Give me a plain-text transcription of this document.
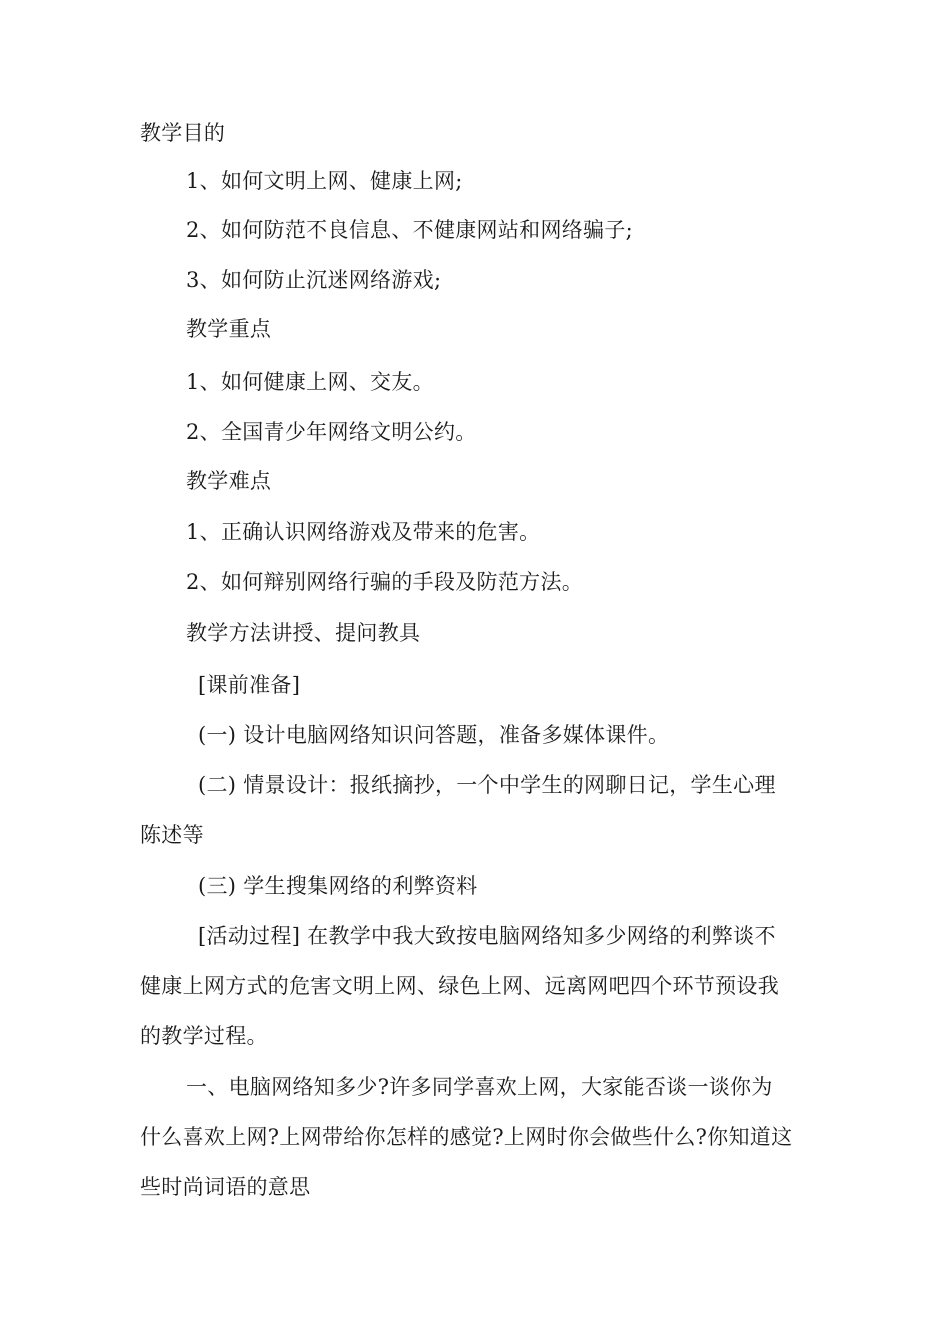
教学目的
1、如何文明上网、健康上网;
2、如何防范不良信息、不健康网站和网络骗子;
3、如何防止沉迷网络游戏;
教学重点
1、如何健康上网、交友。
2、全国青少年网络文明公约。
教学难点
1、正确认识网络游戏及带来的危害。
2、如何辩别网络行骗的手段及防范方法。
教学方法讲授、提问教具
[课前准备]
(一) 设计电脑网络知识问答题，准备多媒体课件。
(二) 情景设计：报纸摘抄，一个中学生的网聊日记，学生心理
陈述等
(三) 学生搜集网络的利弊资料
[活动过程] 在教学中我大致按电脑网络知多少网络的利弊谈不
健康上网方式的危害文明上网、绿色上网、远离网吧四个环节预设我
的教学过程。
一、电脑网络知多少?许多同学喜欢上网，大家能否谈一谈你为
什么喜欢上网?上网带给你怎样的感觉?上网时你会做些什么?你知道这
些时尚词语的意思
